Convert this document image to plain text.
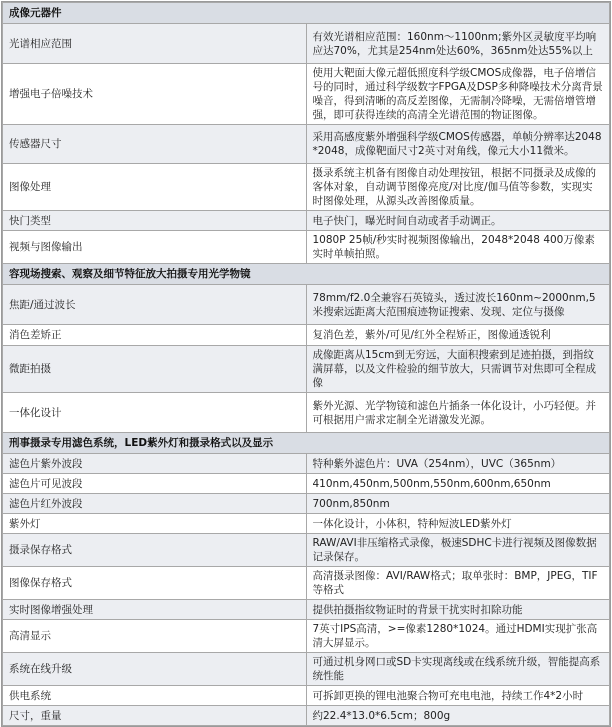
成像元器件	
光谱相应范围	有效光谱相应范围：160nm～1100nm;紫外区灵敏度平均响应达70%，尤其是254nm处达60%，365nm处达55%以上
增强电子倍噪技术	使用大靶面大像元超低照度科学级CMOS成像器，电子倍增信号的同时，通过科学级数字FPGA及DSP多种降噪技术分离背景噪音，得到清晰的高反差图像，无需制冷降噪，无需倍增管增强，即可获得连续的高清全光谱范围的物证图像。
传感器尺寸	采用高感度紫外增强科学级CMOS传感器，单帧分辨率达2048*2048，成像靶面尺寸2英寸对角线，像元大小11微米。
图像处理	摄录系统主机备有图像自动处理按钮，根据不同摄录及成像的客体对象，自动调节图像亮度/对比度/伽马值等参数，实现实时图像处理，从源头改善图像质量。
快门类型	电子快门，曝光时间自动或者手动调正。
视频与图像输出	1080P 25帧/秒实时视频图像输出，2048*2048 400万像素实时单帧拍照。
容现场搜索、观察及细节特征放大拍摄专用光学物镜	
焦距/通过波长	78mm/f2.0全兼容石英镜头，透过波长160nm~2000nm,5米搜索远距离大范围痕迹物证搜索、发现、定位与摄像
消色差矫正	复消色差，紫外/可见/红外全程矫正，图像通透锐利
微距拍摄	成像距离从15cm到无穷远，大面积搜索到足迹拍摄，到指纹满屏幕，以及文件检验的细节放大，只需调节对焦即可全程成像
一体化设计	紫外光源、光学物镜和滤色片插条一体化设计，小巧轻便。并可根据用户需求定制全光谱激发光源。
刑事摄录专用滤色系统，LED紫外灯和摄录格式以及显示	
滤色片紫外波段	特种紫外滤色片：UVA（254nm），UVC（365nm）
滤色片可见波段	410nm,450nm,500nm,550nm,600nm,650nm
滤色片红外波段	700nm,850nm
紫外灯	一体化设计，小体积，特种短波LED紫外灯
摄录保存格式	RAW/AVI非压缩格式录像，极速SDHC卡进行视频及图像数据记录保存。
图像保存格式	高清摄录图像：AVI/RAW格式；取单张时：BMP，JPEG，TIF等格式
实时图像增强处理	提供拍摄指纹物证时的背景干扰实时扣除功能
高清显示	7英寸IPS高清，>=像素1280*1024。通过HDMI实现扩张高清大屏显示。
系统在线升级	可通过机身网口或SD卡实现离线或在线系统升级，智能提高系统性能
供电系统	可拆卸更换的锂电池聚合物可充电电池，持续工作4*2小时
尺寸，重量	约22.4*13.0*6.5cm；800g
